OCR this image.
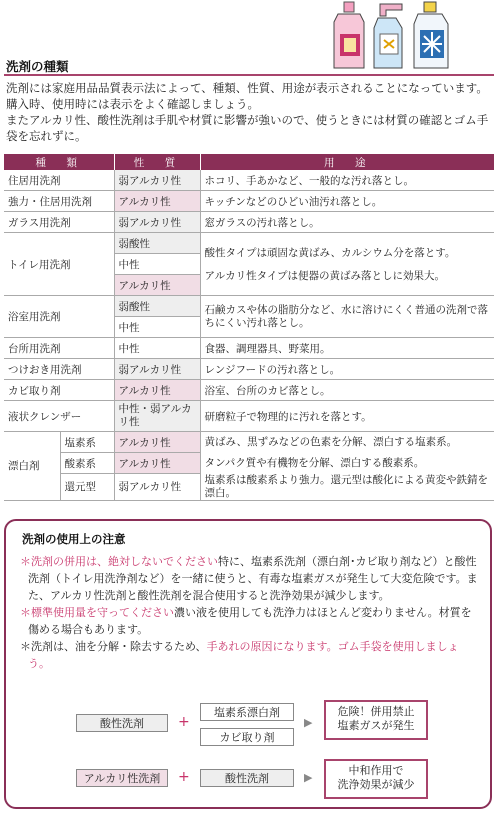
洗剤の種類

洗剤には家庭用品品質表示法によって、種類、性質、用途が表示されることになっています。購入時、使用時には表示をよく確認しましょう。

またアルカリ性、酸性洗剤は手肌や材質に影響が強いので、使うときには材質の確認とゴム手袋を忘れずに。

種　類		性　質	用　途
住居用洗剤		弱アルカリ性	ホコリ、手あかなど、一般的な汚れ落とし。
強力・住居用洗剤		アルカリ性	キッチンなどのひどい油汚れ落とし。
ガラス用洗剤		弱アルカリ性	窓ガラスの汚れ落とし。
トイレ用洗剤		弱酸性	酸性タイプは頑固な黄ばみ、カルシウム分を落とす。
アルカリ性タイプは便器の黄ばみ落としに効果大。

		中性	
		アルカリ性	
浴室用洗剤		弱酸性	石鹸カスや体の脂肪分など、水に溶けにくく普通の洗剤で落ちにくい汚れ落とし。
		中性	
台所用洗剤		中性	食器、調理器具、野菜用。
つけおき用洗剤		弱アルカリ性	レンジフードの汚れ落とし。
カビ取り剤		アルカリ性	浴室、台所のカビ落とし。
液状クレンザー		中性・弱アルカリ性	研磨粒子で物理的に汚れを落とす。
漂白剤	塩素系	アルカリ性	黄ばみ、黒ずみなどの色素を分解、漂白する塩素系。
	酸素系	アルカリ性	タンパク質や有機物を分解、漂白する酸素系。
	還元型	弱アルカリ性	塩素系は酸素系より強力。還元型は酸化による黄変や鉄錆を漂白。
洗剤の使用上の注意

＊洗剤の併用は、絶対しないでください特に、塩素系洗剤（漂白剤･カビ取り剤など）と酸性洗剤（トイレ用洗浄剤など）を一緒に使うと、有毒な塩素ガスが発生して大変危険です。また、アルカリ性洗剤と酸性洗剤を混合使用すると洗浄効果が減少します。

＊標準使用量を守ってください濃い液を使用しても洗浄力はほとんど変わりません。材質を傷める場合もあります。

＊洗剤は、油を分解・除去するため、手あれの原因になります。ゴム手袋を使用しましょう。

酸性洗剤	+
塩素系漂白剤
カビ取り剤
▶
危険！併用禁止
塩素ガスが発生
アルカリ性洗剤	+	酸性洗剤	▶
中和作用で
洗浄効果が減少
